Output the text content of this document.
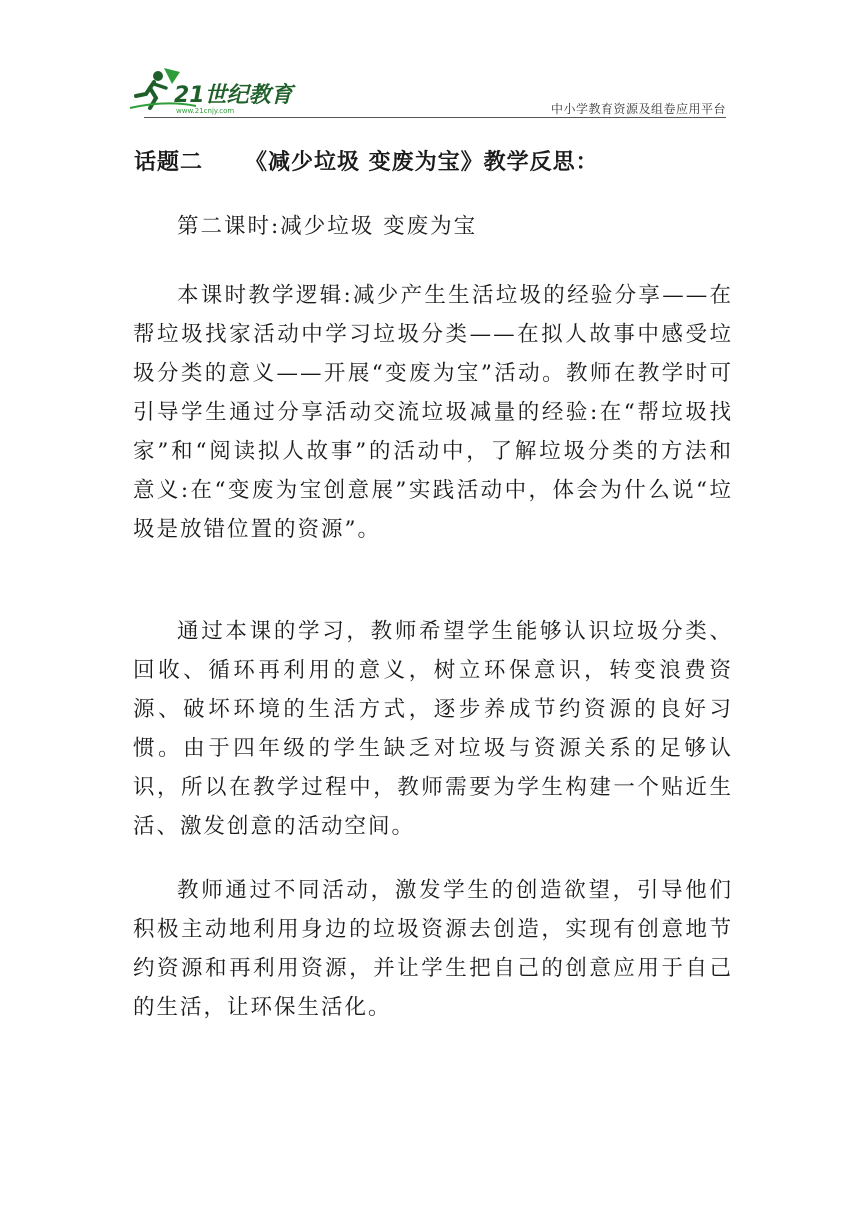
21世纪教育
www.21cnjy.com	中小学教育资源及组卷应用平台
话题二 《减少垃圾 变废为宝》教学反思：

第二课时:减少垃圾 变废为宝

本课时教学逻辑:减少产生生活垃圾的经验分享——在帮垃圾找家活动中学习垃圾分类——在拟人故事中感受垃圾分类的意义——开展“变废为宝”活动。教师在教学时可引导学生通过分享活动交流垃圾减量的经验:在“帮垃圾找家”和“阅读拟人故事”的活动中，了解垃圾分类的方法和意义:在“变废为宝创意展”实践活动中，体会为什么说“垃圾是放错位置的资源”。

通过本课的学习，教师希望学生能够认识垃圾分类、回收、循环再利用的意义，树立环保意识，转变浪费资源、破坏环境的生活方式，逐步养成节约资源的良好习惯。由于四年级的学生缺乏对垃圾与资源关系的足够认识，所以在教学过程中，教师需要为学生构建一个贴近生活、激发创意的活动空间。

教师通过不同活动，激发学生的创造欲望，引导他们积极主动地利用身边的垃圾资源去创造，实现有创意地节约资源和再利用资源，并让学生把自己的创意应用于自己的生活，让环保生活化。
